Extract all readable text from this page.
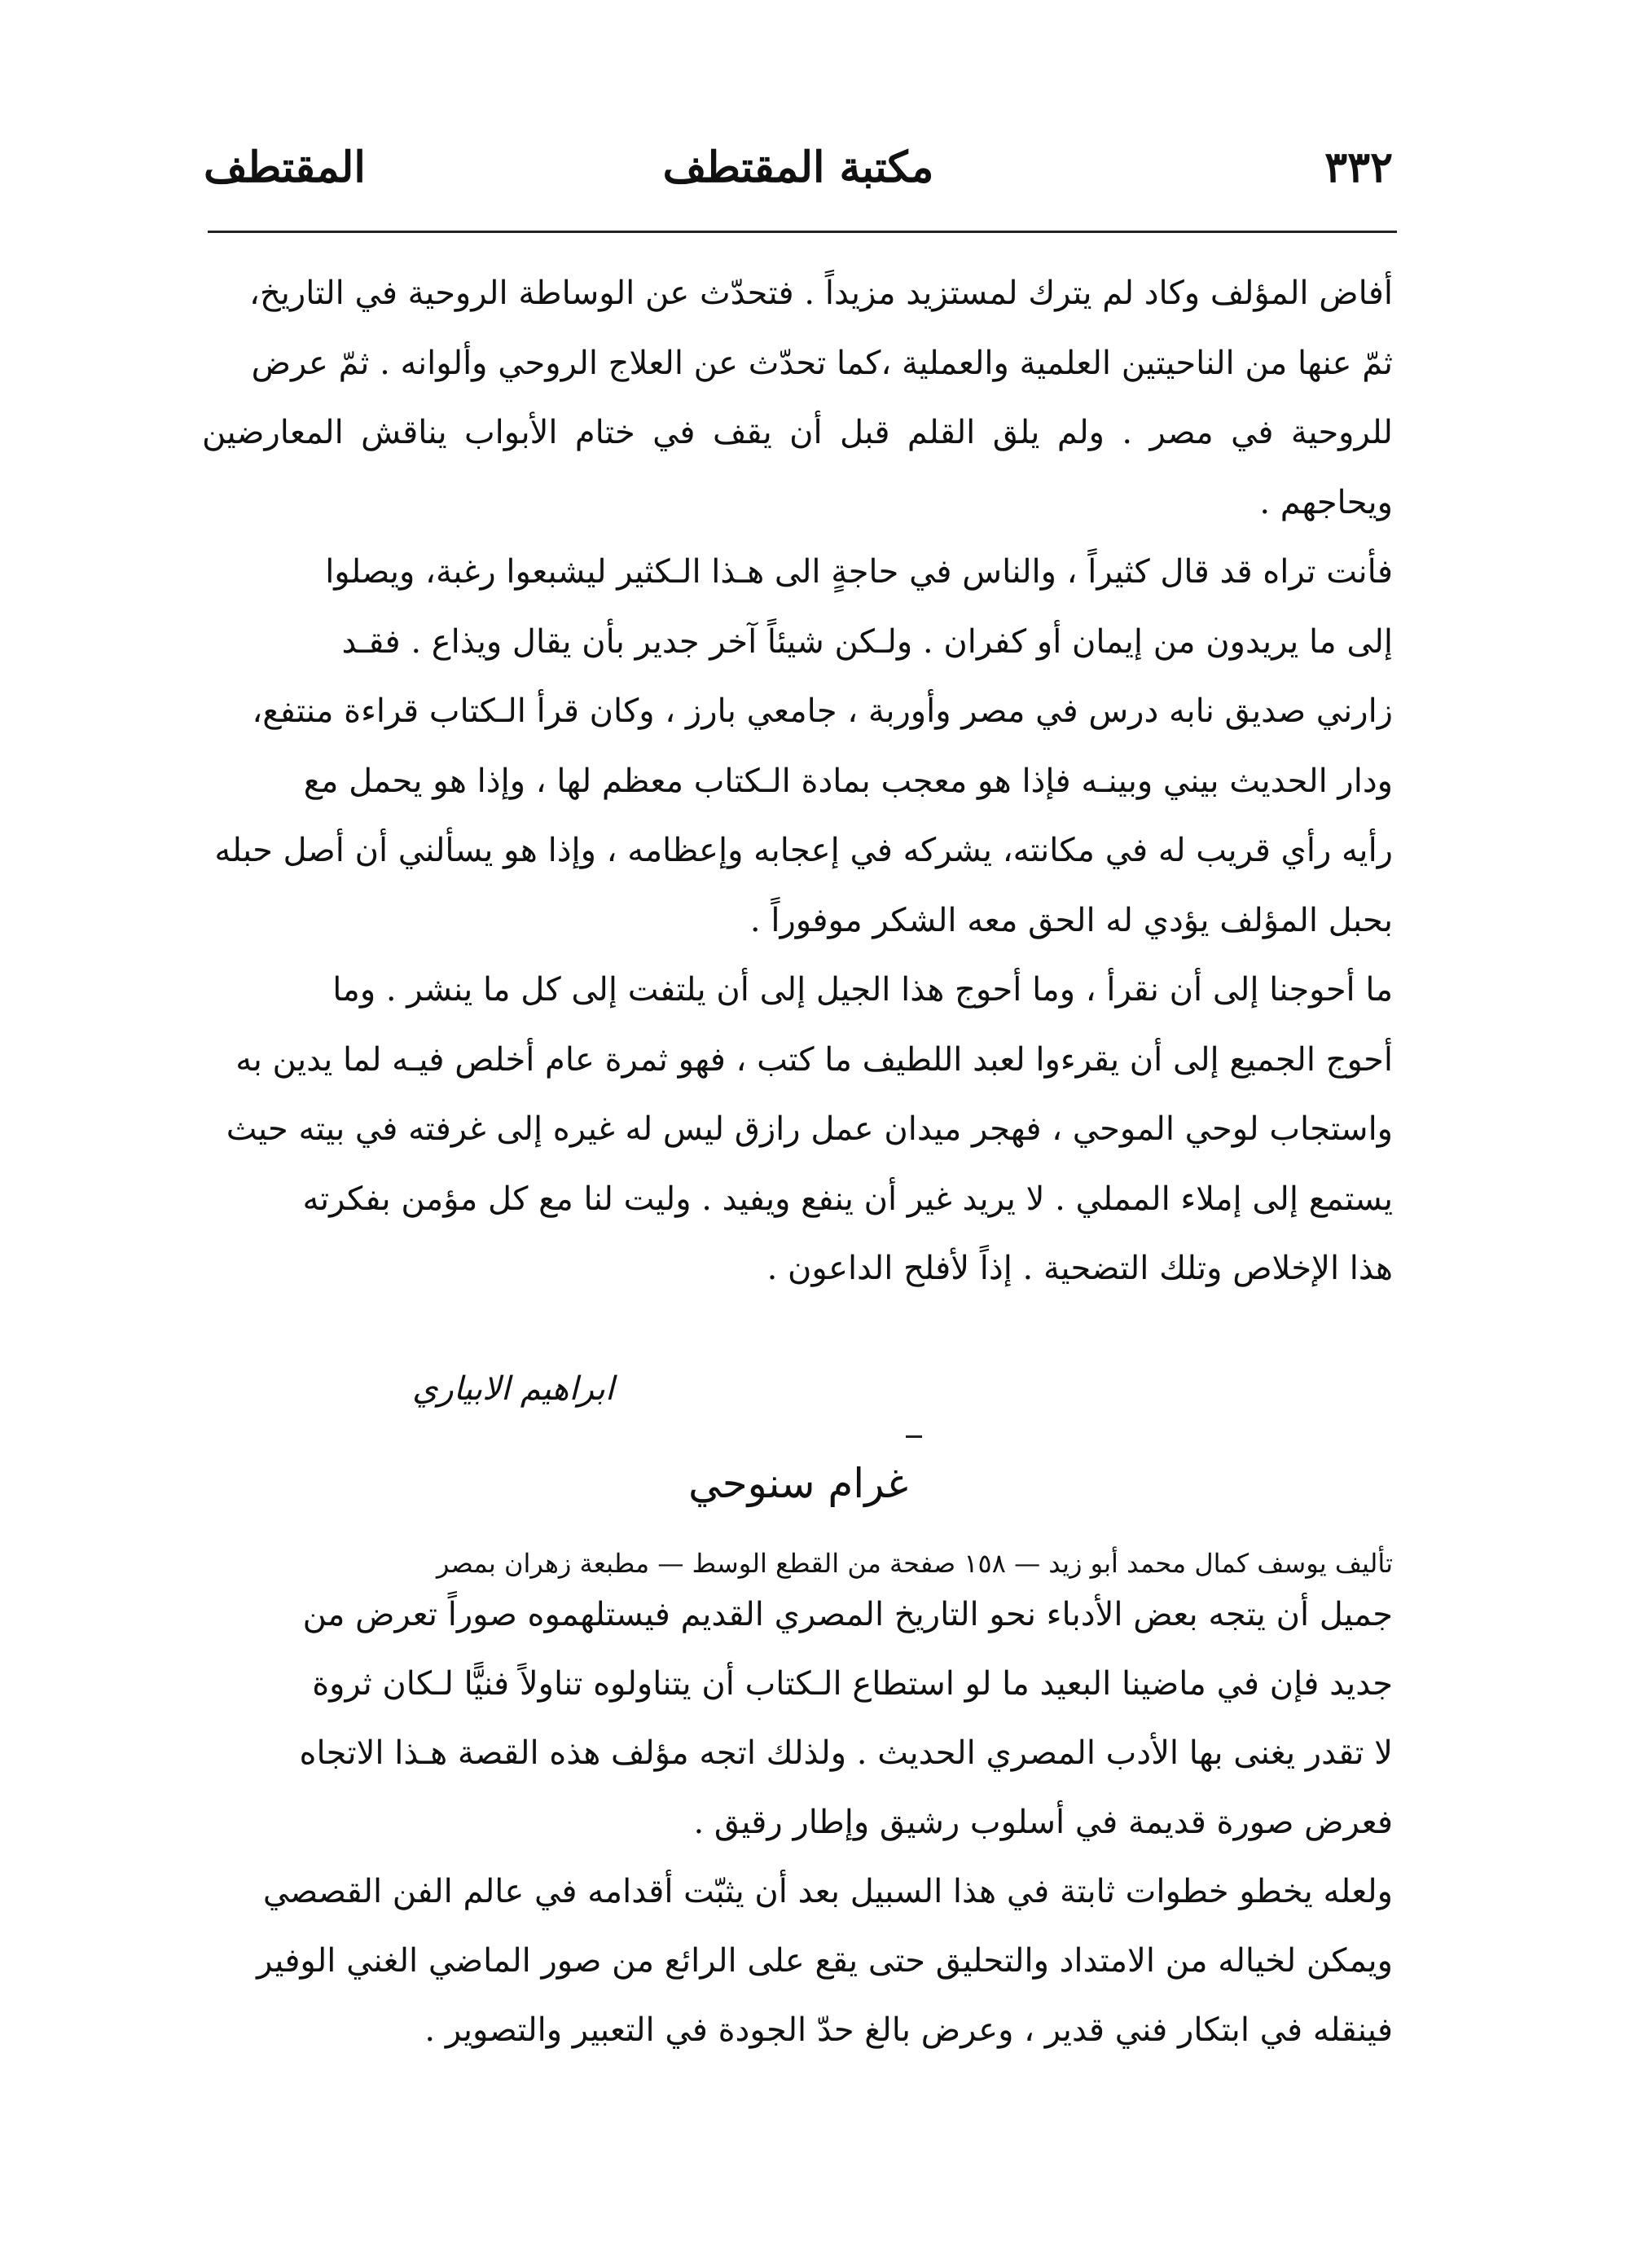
٣٣٢
مكتبة المقتطف
المقتطف

أفاض المؤلف وكاد لم يترك لمستزيد مزيداً . فتحدّث عن الوساطة الروحية في التاريخ،
ثمّ عنها من الناحيتين العلمية والعملية ،كما تحدّث عن العلاج الروحي وألوانه . ثمّ عرض
للروحية في مصر . ولم يلق القلم قبل أن يقف في ختام الأبواب يناقش المعارضين ويحاجهم .

فأنت تراه قد قال كثيراً ، والناس في حاجةٍ الى هـذا الـكثير ليشبعوا رغبة، ويصلوا
إلى ما يريدون من إيمان أو كفران . ولـكن شيئاً آخر جدير بأن يقال ويذاع . فقـد
زارني صديق نابه درس في مصر وأوربة ، جامعي بارز ، وكان قرأ الـكتاب قراءة منتفع،
ودار الحديث بيني وبينـه فإذا هو معجب بمادة الـكتاب معظم لها ، وإذا هو يحمل مع
رأيه رأي قريب له في مكانته، يشركه في إعجابه وإعظامه ، وإذا هو يسألني أن أصل حبله
بحبل المؤلف يؤدي له الحق معه الشكر موفوراً .

ما أحوجنا إلى أن نقرأ ، وما أحوج هذا الجيل إلى أن يلتفت إلى كل ما ينشر . وما
أحوج الجميع إلى أن يقرءوا لعبد اللطيف ما كتب ، فهو ثمرة عام أخلص فيـه لما يدين به
واستجاب لوحي الموحي ، فهجر ميدان عمل رازق ليس له غيره إلى غرفته في بيته حيث
يستمع إلى إملاء المملي . لا يريد غير أن ينفع ويفيد . وليت لنا مع كل مؤمن بفكرته
هذا الإخلاص وتلك التضحية . إذاً لأفلح الداعون .

ابراهيم الابياري
غرام سنوحي
تأليف يوسف كمال محمد أبو زيد — ١٥٨ صفحة من القطع الوسط — مطبعة زهران بمصر

جميل أن يتجه بعض الأدباء نحو التاريخ المصري القديم فيستلهموه صوراً تعرض من
جديد فإن في ماضينا البعيد ما لو استطاع الـكتاب أن يتناولوه تناولاً فنيًّا لـكان ثروة
لا تقدر يغنى بها الأدب المصري الحديث . ولذلك اتجه مؤلف هذه القصة هـذا الاتجاه
فعرض صورة قديمة في أسلوب رشيق وإطار رقيق .

ولعله يخطو خطوات ثابتة في هذا السبيل بعد أن يثبّت أقدامه في عالم الفن القصصي
ويمكن لخياله من الامتداد والتحليق حتى يقع على الرائع من صور الماضي الغني الوفير
فينقله في ابتكار فني قدير ، وعرض بالغ حدّ الجودة في التعبير والتصوير .
